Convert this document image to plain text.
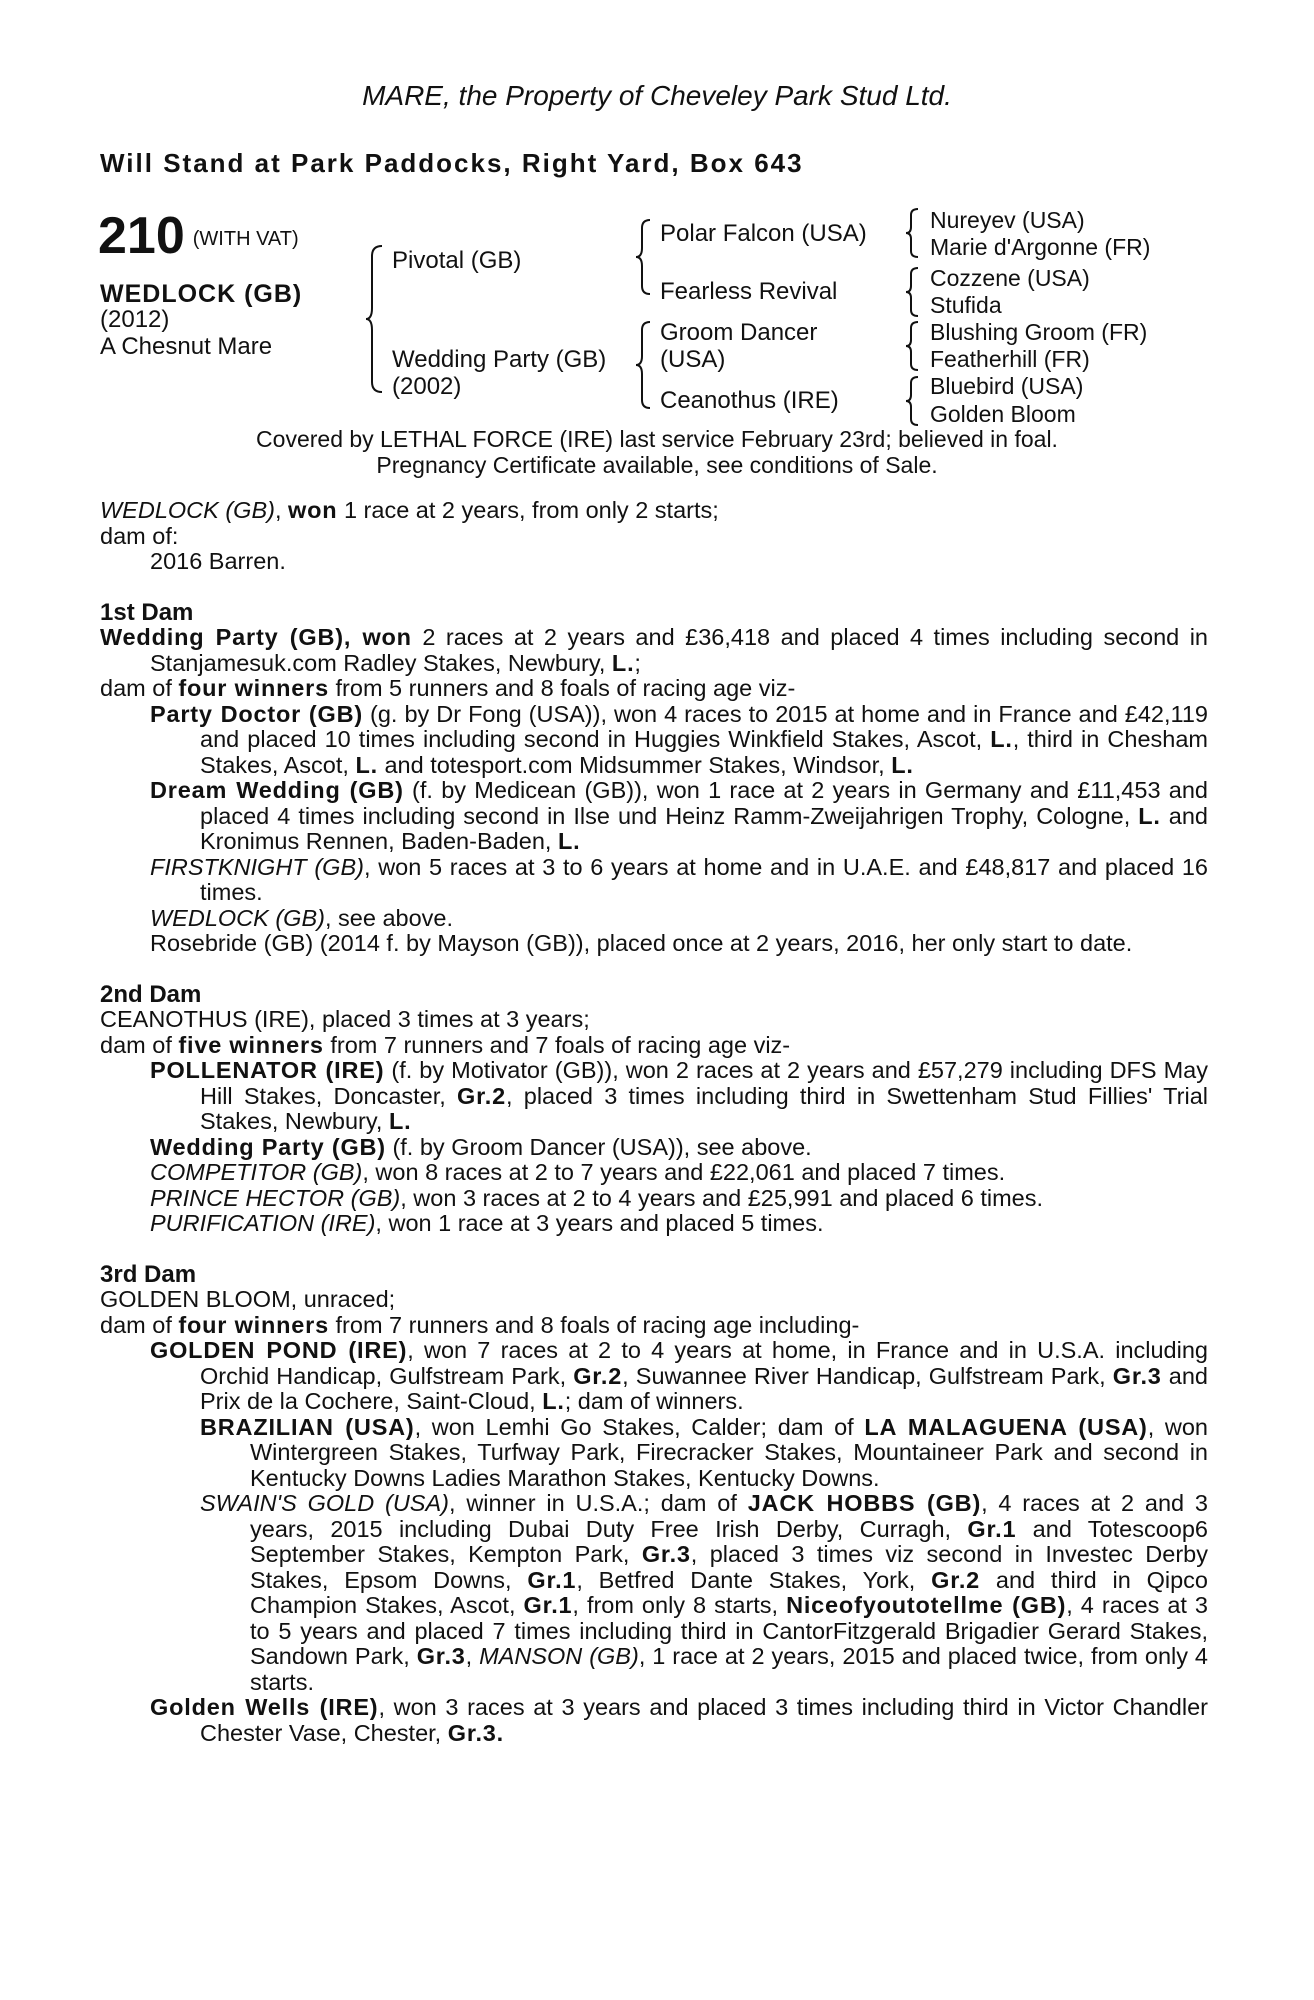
MARE, the Property of Cheveley Park Stud Ltd.
Will Stand at Park Paddocks, Right Yard, Box 643
210 (WITH VAT)
WEDLOCK (GB)
(2012)
A Chesnut Mare
Pivotal (GB)
Wedding Party (GB)
(2002)
Polar Falcon (USA)
Fearless Revival
Groom Dancer
(USA)
Ceanothus (IRE)
Nureyev (USA)
Marie d'Argonne (FR)
Cozzene (USA)
Stufida
Blushing Groom (FR)
Featherhill (FR)
Bluebird (USA)
Golden Bloom
Covered by LETHAL FORCE (IRE) last service February 23rd; believed in foal.
Pregnancy Certificate available, see conditions of Sale.

WEDLOCK (GB), won 1 race at 2 years, from only 2 starts;

dam of:

2016 Barren.

1st Dam

Wedding Party (GB), won 2 races at 2 years and £36,418 and placed 4 times including second in Stanjamesuk.com Radley Stakes, Newbury, L.;

dam of four winners from 5 runners and 8 foals of racing age viz-

Party Doctor (GB) (g. by Dr Fong (USA)), won 4 races to 2015 at home and in France and £42,119 and placed 10 times including second in Huggies Winkfield Stakes, Ascot, L., third in Chesham Stakes, Ascot, L. and totesport.com Midsummer Stakes, Windsor, L.

Dream Wedding (GB) (f. by Medicean (GB)), won 1 race at 2 years in Germany and £11,453 and placed 4 times including second in Ilse und Heinz Ramm-Zweijahrigen Trophy, Cologne, L. and Kronimus Rennen, Baden-Baden, L.

FIRSTKNIGHT (GB), won 5 races at 3 to 6 years at home and in U.A.E. and £48,817 and placed 16 times.

WEDLOCK (GB), see above.

Rosebride (GB) (2014 f. by Mayson (GB)), placed once at 2 years, 2016, her only start to date.

2nd Dam

CEANOTHUS (IRE), placed 3 times at 3 years;

dam of five winners from 7 runners and 7 foals of racing age viz-

POLLENATOR (IRE) (f. by Motivator (GB)), won 2 races at 2 years and £57,279 including DFS May Hill Stakes, Doncaster, Gr.2, placed 3 times including third in Swettenham Stud Fillies' Trial Stakes, Newbury, L.

Wedding Party (GB) (f. by Groom Dancer (USA)), see above.

COMPETITOR (GB), won 8 races at 2 to 7 years and £22,061 and placed 7 times.

PRINCE HECTOR (GB), won 3 races at 2 to 4 years and £25,991 and placed 6 times.

PURIFICATION (IRE), won 1 race at 3 years and placed 5 times.

3rd Dam

GOLDEN BLOOM, unraced;

dam of four winners from 7 runners and 8 foals of racing age including-

GOLDEN POND (IRE), won 7 races at 2 to 4 years at home, in France and in U.S.A. including Orchid Handicap, Gulfstream Park, Gr.2, Suwannee River Handicap, Gulfstream Park, Gr.3 and Prix de la Cochere, Saint-Cloud, L.; dam of winners.

BRAZILIAN (USA), won Lemhi Go Stakes, Calder; dam of LA MALAGUENA (USA), won Wintergreen Stakes, Turfway Park, Firecracker Stakes, Mountaineer Park and second in Kentucky Downs Ladies Marathon Stakes, Kentucky Downs.

SWAIN'S GOLD (USA), winner in U.S.A.; dam of JACK HOBBS (GB), 4 races at 2 and 3 years, 2015 including Dubai Duty Free Irish Derby, Curragh, Gr.1 and Totescoop6 September Stakes, Kempton Park, Gr.3, placed 3 times viz second in Investec Derby Stakes, Epsom Downs, Gr.1, Betfred Dante Stakes, York, Gr.2 and third in Qipco Champion Stakes, Ascot, Gr.1, from only 8 starts, Niceofyoutotellme (GB), 4 races at 3 to 5 years and placed 7 times including third in CantorFitzgerald Brigadier Gerard Stakes, Sandown Park, Gr.3, MANSON (GB), 1 race at 2 years, 2015 and placed twice, from only 4 starts.

Golden Wells (IRE), won 3 races at 3 years and placed 3 times including third in Victor Chandler Chester Vase, Chester, Gr.3.
